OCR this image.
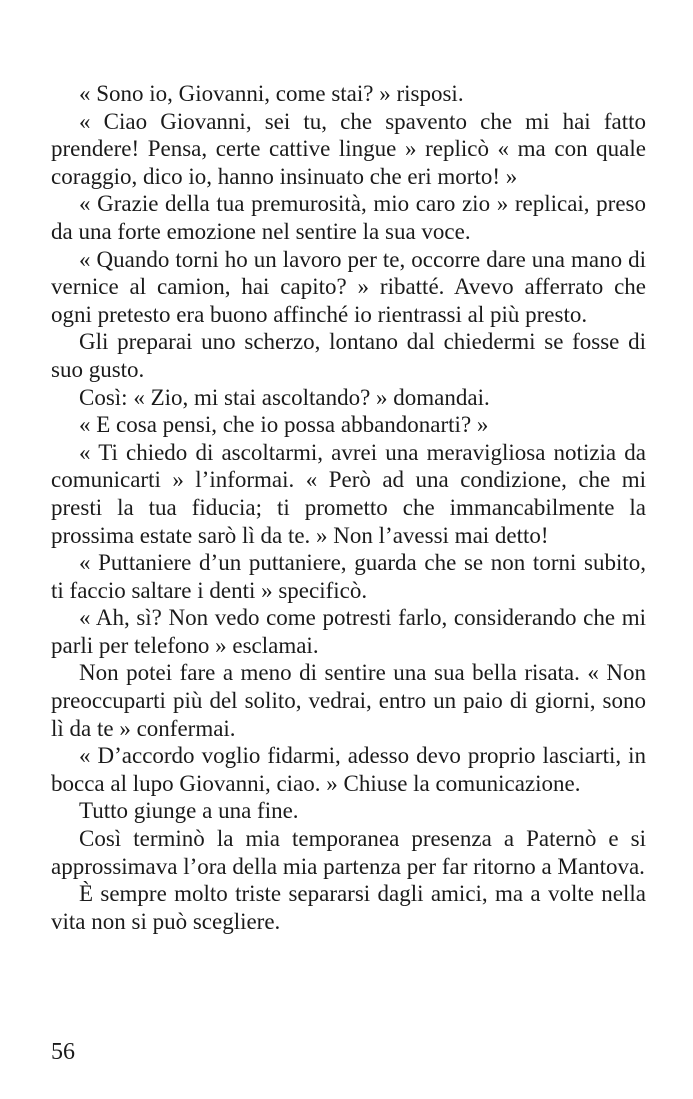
« Sono io, Giovanni, come stai? » risposi.

« Ciao Giovanni, sei tu, che spavento che mi hai fatto prendere! Pensa, certe cattive lingue » replicò « ma con quale coraggio, dico io, hanno insinuato che eri morto! »

« Grazie della tua premurosità, mio caro zio » replicai, preso da una forte emozione nel sentire la sua voce.

« Quando torni ho un lavoro per te, occorre dare una mano di vernice al camion, hai capito? » ribatté. Avevo afferrato che ogni pretesto era buono affinché io rientrassi al più presto.

Gli preparai uno scherzo, lontano dal chiedermi se fosse di suo gusto.

Così: « Zio, mi stai ascoltando? » domandai.

« E cosa pensi, che io possa abbandonarti? »

« Ti chiedo di ascoltarmi, avrei una meravigliosa notizia da comunicarti » l’informai. « Però ad una condizione, che mi presti la tua fiducia; ti prometto che immancabilmente la prossima estate sarò lì da te. » Non l’avessi mai detto!

« Puttaniere d’un puttaniere, guarda che se non torni subito, ti faccio saltare i denti » specificò.

« Ah, sì? Non vedo come potresti farlo, considerando che mi parli per telefono » esclamai.

Non potei fare a meno di sentire una sua bella risata. « Non preoccuparti più del solito, vedrai, entro un paio di giorni, sono lì da te » confermai.

« D’accordo voglio fidarmi, adesso devo proprio lasciarti, in bocca al lupo Giovanni, ciao. » Chiuse la comunicazione.

Tutto giunge a una fine.

Così terminò la mia temporanea presenza a Paternò e si approssimava l’ora della mia partenza per far ritorno a Mantova.

È sempre molto triste separarsi dagli amici, ma a volte nella vita non si può scegliere.

56
